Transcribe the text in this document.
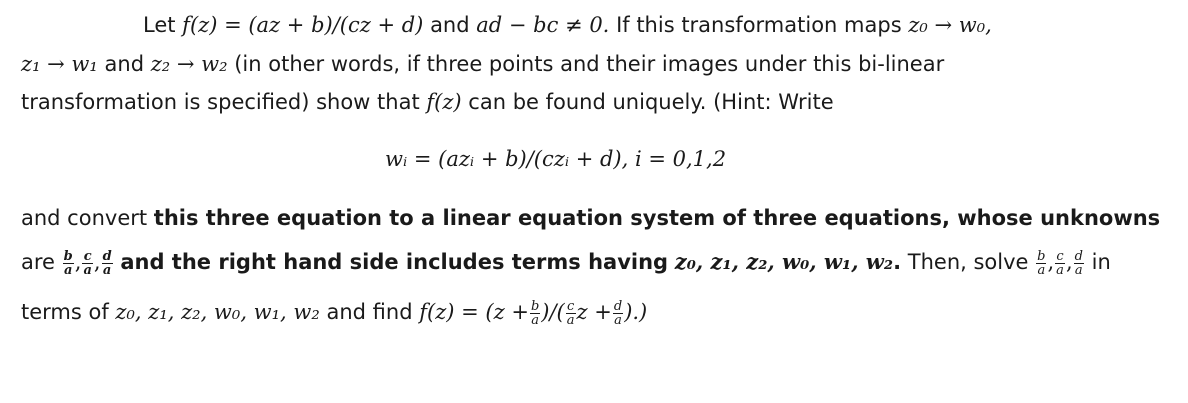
Let f(z) = (az + b)/(cz + d) and ad − bc ≠ 0. If this transformation maps z₀ → w₀,
z₁ → w₁ and z₂ → w₂ (in other words, if three points and their images under this bi-linear
transformation is specified) show that f(z) can be found uniquely. (Hint: Write
wᵢ = (azᵢ + b)/(czᵢ + d), i = 0,1,2
and convert this three equation to a linear equation system of three equations, whose unknowns
are $\frac{b}{a}$ , $\frac{c}{a}$ , $\frac{d}{a}$ and the right hand side includes terms having z₀, z₁, z₂, w₀, w₁, w₂. Then, solve $\frac{b}{a}$ , $\frac{c}{a}$ , $\frac{d}{a}$ in
terms of z₀, z₁, z₂, w₀, w₁, w₂ and find $f(z) = (z + \frac{b}{a}$ )/( $\frac{c}{a}$ $z + \frac{d}{a}$ ).)
